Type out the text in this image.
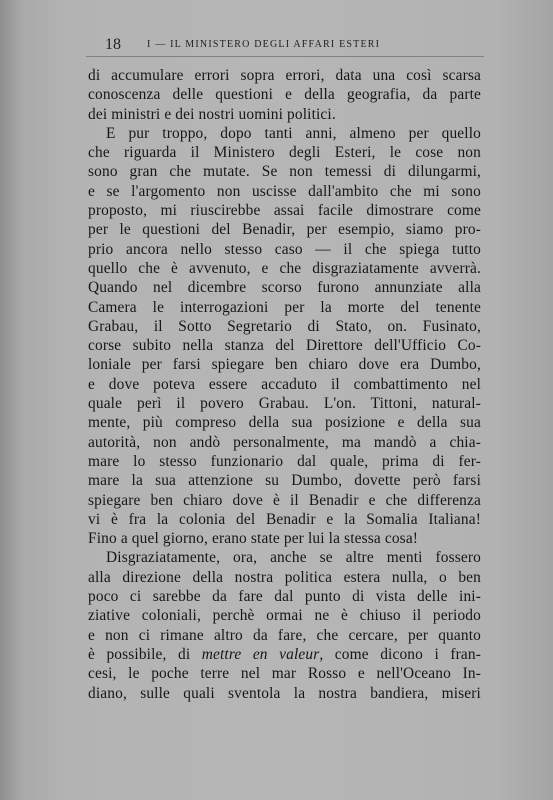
18	I — IL MINISTERO DEGLI AFFARI ESTERI
di accumulare errori sopra errori, data una così scarsa
conoscenza delle questioni e della geografia, da parte
dei ministri e dei nostri uomini politici.
E pur troppo, dopo tanti anni, almeno per quello
che riguarda il Ministero degli Esteri, le cose non
sono gran che mutate. Se non temessi di dilungarmi,
e se l'argomento non uscisse dall'ambito che mi sono
proposto, mi riuscirebbe assai facile dimostrare come
per le questioni del Benadir, per esempio, siamo pro-
prio ancora nello stesso caso — il che spiega tutto
quello che è avvenuto, e che disgraziatamente avverrà.
Quando nel dicembre scorso furono annunziate alla
Camera le interrogazioni per la morte del tenente
Grabau, il Sotto Segretario di Stato, on. Fusinato,
corse subito nella stanza del Direttore dell'Ufficio Co-
loniale per farsi spiegare ben chiaro dove era Dumbo,
e dove poteva essere accaduto il combattimento nel
quale perì il povero Grabau. L'on. Tittoni, natural-
mente, più compreso della sua posizione e della sua
autorità, non andò personalmente, ma mandò a chia-
mare lo stesso funzionario dal quale, prima di fer-
mare la sua attenzione su Dumbo, dovette però farsi
spiegare ben chiaro dove è il Benadir e che differenza
vi è fra la colonia del Benadir e la Somalia Italiana!
Fino a quel giorno, erano state per lui la stessa cosa!
Disgraziatamente, ora, anche se altre menti fossero
alla direzione della nostra politica estera nulla, o ben
poco ci sarebbe da fare dal punto di vista delle ini-
ziative coloniali, perchè ormai ne è chiuso il periodo
e non ci rimane altro da fare, che cercare, per quanto
è possibile, di mettre en valeur, come dicono i fran-
cesi, le poche terre nel mar Rosso e nell'Oceano In-
diano, sulle quali sventola la nostra bandiera, miseri
